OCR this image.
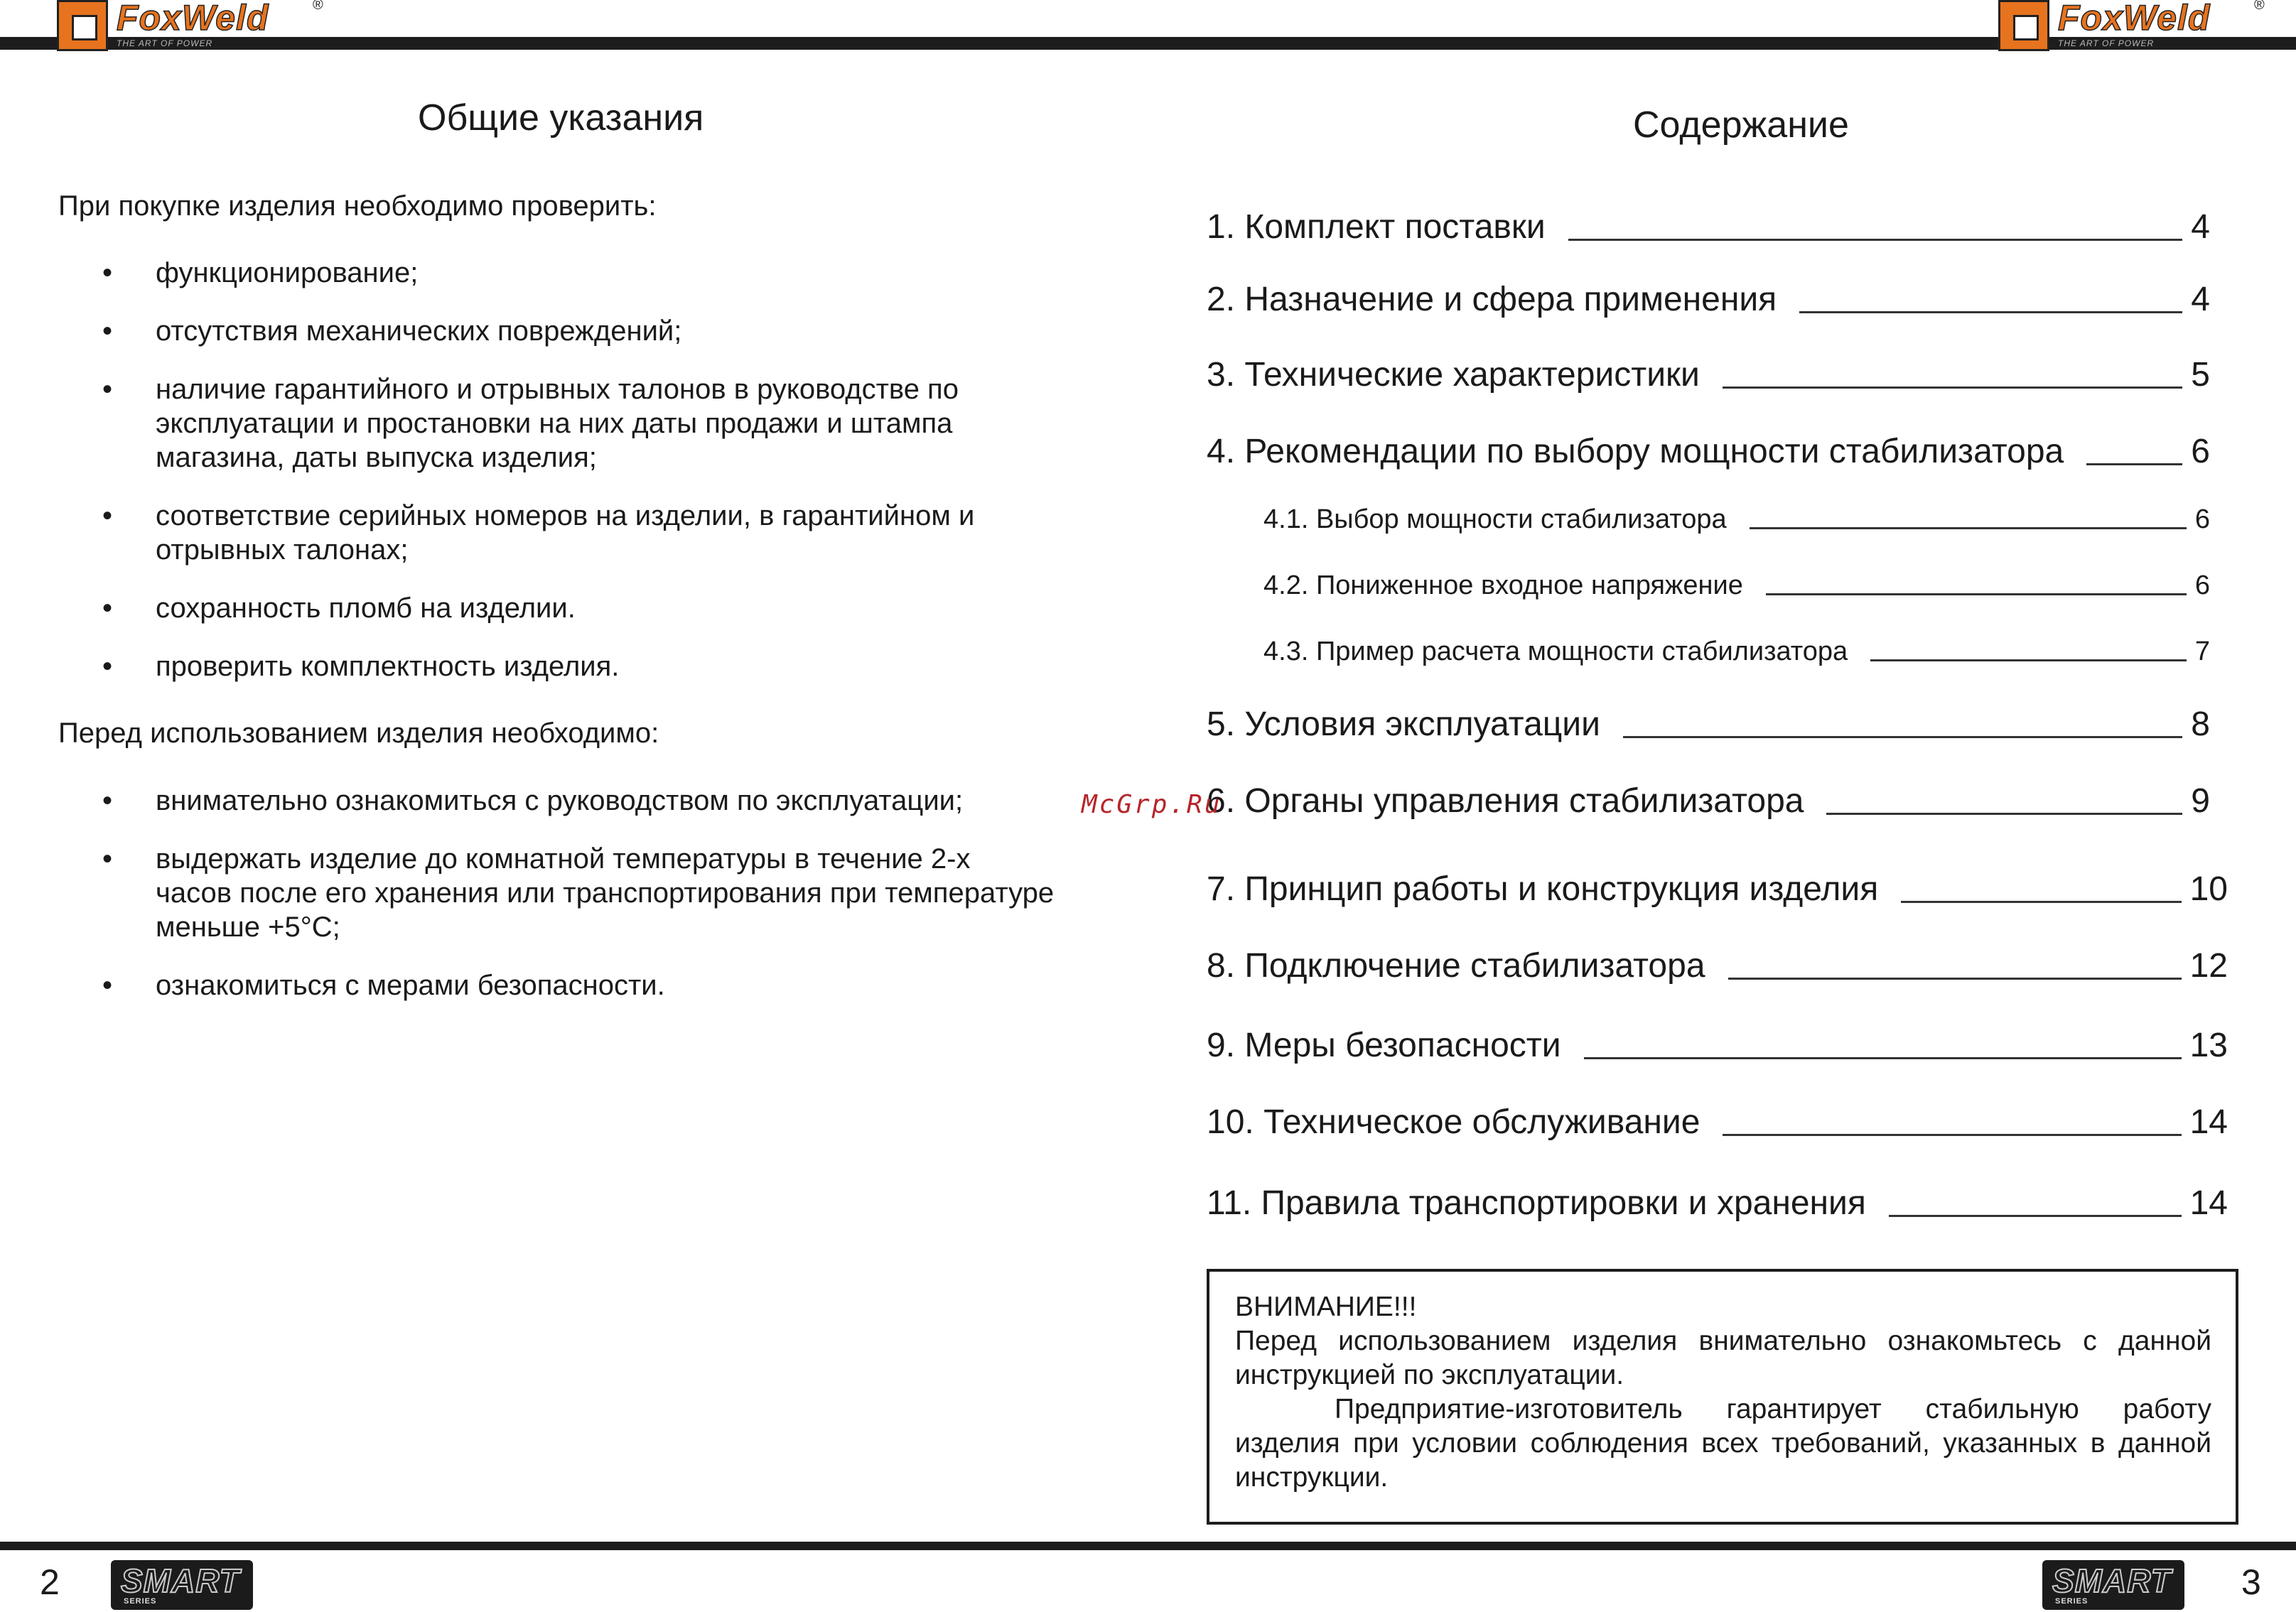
FoxWeld	®
THE ART OF POWER
FoxWeld	®
THE ART OF POWER
Общие указания
При покупке изделия необходимо проверить:
• функционирование;
• отсутствия механических повреждений;
• наличие гарантийного и отрывных талонов в руководстве по
эксплуатации и простановки на них даты продажи и штампа
магазина, даты выпуска изделия;
• соответствие серийных номеров на изделии, в гарантийном и
отрывных талонах;
• сохранность пломб на изделии.
• проверить комплектность изделия.
Перед использованием изделия необходимо:
• внимательно ознакомиться с руководством по эксплуатации;
• выдержать изделие до комнатной температуры в течение 2-х
часов после его хранения или транспортирования при температуре
меньше +5°С;
• ознакомиться с мерами безопасности.
Содержание
1. Комплект поставки	4
2. Назначение и сфера применения	4
3. Технические характеристики	5
4. Рекомендации по выбору мощности стабилизатора	6
4.1. Выбор мощности стабилизатора	6
4.2. Пониженное входное напряжение	6
4.3. Пример расчета мощности стабилизатора	7
5. Условия эксплуатации	8
6. Органы управления стабилизатора	9
7. Принцип работы и конструкция изделия	10
8. Подключение стабилизатора	12
9. Меры безопасности	13
10. Техническое обслуживание	14
11. Правила транспортировки и хранения	14
McGrp.Ru

ВНИМАНИЕ!!!

Перед использованием изделия внимательно ознакомьтесь с данной инструкцией по эксплуатации.

Предприятие-изготовитель гарантирует стабильную работу изделия при условии соблюдения всех требований, указанных в данной инструкции.

2 SMART
SERIES
SMART
SERIES	3
